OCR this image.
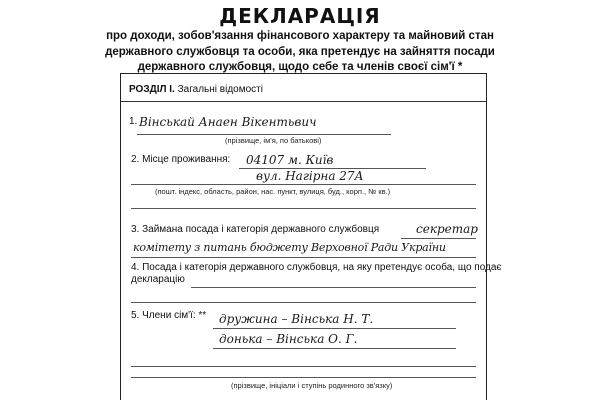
ДЕКЛАРАЦІЯ
про доходи, зобов'язання фінансового характеру та майновий стан
державного службовця та особи, яка претендує на зайняття посади
державного службовця, щодо себе та членів своєї сім'ї *
РОЗДІЛ І. Загальні відомості
1. Вінськай Анаен Вікентьвич
(прізвище, ім'я, по батькові)
2. Місце проживання: 04107 м. Київ
вул. Нагірна 27А
(пошт. індекс, область, район, нас. пункт, вулиця, буд., корп., № кв.)
3. Займана посада і категорія державного службовця	секретар
комітету з питань бюджету Верховної Ради України
4. Посада і категорія державного службовця, на яку претендує особа, що подає
декларацію
5. Члени сім'ї: ** дружина – Вінська Н. Т.
донька – Вінська О. Г.
(прізвище, ініціали і ступінь родинного зв'язку)
